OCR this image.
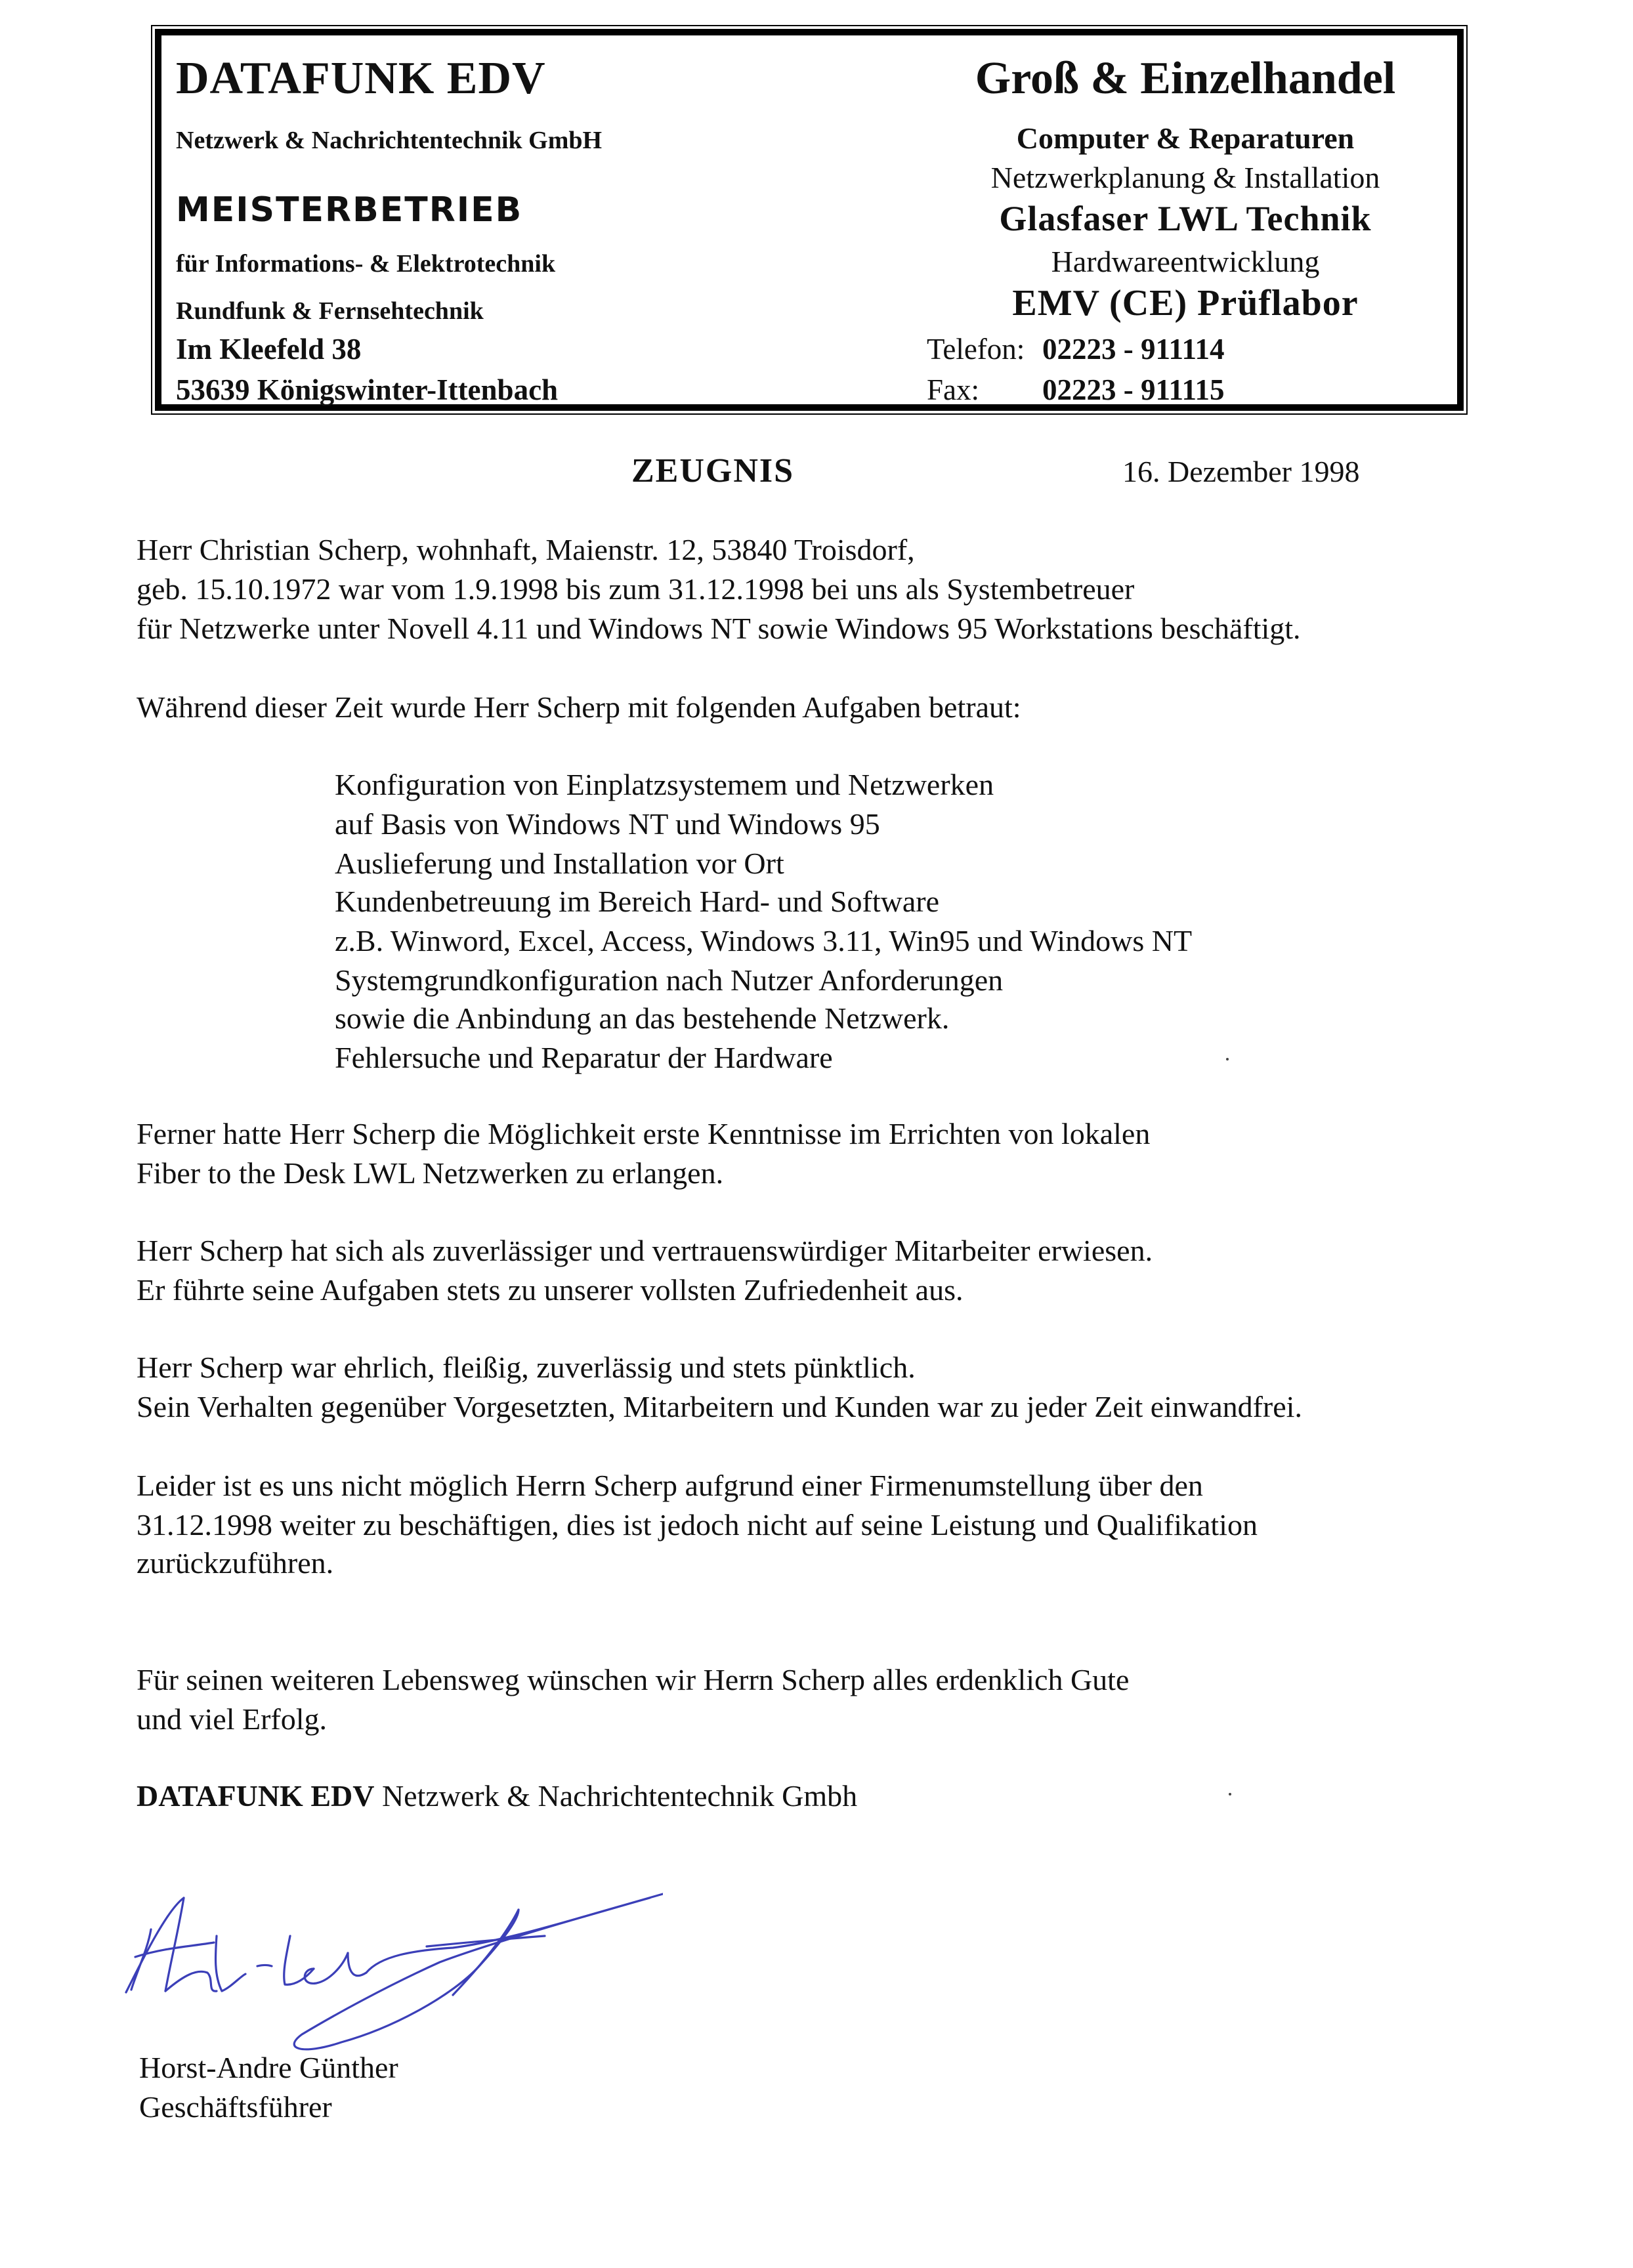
DATAFUNK EDV
Netzwerk & Nachrichtentechnik GmbH
MEISTERBETRIEB
für Informations- & Elektrotechnik
Rundfunk & Fernsehtechnik
Im Kleefeld 38
53639 Königswinter-Ittenbach
Groß & Einzelhandel
Computer & Reparaturen
Netzwerkplanung & Installation
Glasfaser LWL Technik
Hardwareentwicklung
EMV (CE) Prüflabor
Telefon: 02223 - 911114
Fax: 02223 - 911115
ZEUGNIS	16. Dezember 1998
Herr Christian Scherp, wohnhaft, Maienstr. 12, 53840 Troisdorf,
geb. 15.10.1972 war vom 1.9.1998 bis zum 31.12.1998 bei uns als Systembetreuer
für Netzwerke unter Novell 4.11 und Windows NT sowie Windows 95 Workstations beschäftigt.
Während dieser Zeit wurde Herr Scherp mit folgenden Aufgaben betraut:
Konfiguration von Einplatzsystemem und Netzwerken
auf Basis von Windows NT und Windows 95
Auslieferung und Installation vor Ort
Kundenbetreuung im Bereich Hard- und Software
z.B. Winword, Excel, Access, Windows 3.11, Win95 und Windows NT
Systemgrundkonfiguration nach Nutzer Anforderungen
sowie die Anbindung an das bestehende Netzwerk.
Fehlersuche und Reparatur der Hardware
Ferner hatte Herr Scherp die Möglichkeit erste Kenntnisse im Errichten von lokalen
Fiber to the Desk LWL Netzwerken zu erlangen.
Herr Scherp hat sich als zuverlässiger und vertrauenswürdiger Mitarbeiter erwiesen.
Er führte seine Aufgaben stets zu unserer vollsten Zufriedenheit aus.
Herr Scherp war ehrlich, fleißig, zuverlässig und stets pünktlich.
Sein Verhalten gegenüber Vorgesetzten, Mitarbeitern und Kunden war zu jeder Zeit einwandfrei.
Leider ist es uns nicht möglich Herrn Scherp aufgrund einer Firmenumstellung über den
31.12.1998 weiter zu beschäftigen, dies ist jedoch nicht auf seine Leistung und Qualifikation
zurückzuführen.
Für seinen weiteren Lebensweg wünschen wir Herrn Scherp alles erdenklich Gute
und viel Erfolg.
DATAFUNK EDV Netzwerk & Nachrichtentechnik Gmbh
Horst-Andre Günther
Geschäftsführer
